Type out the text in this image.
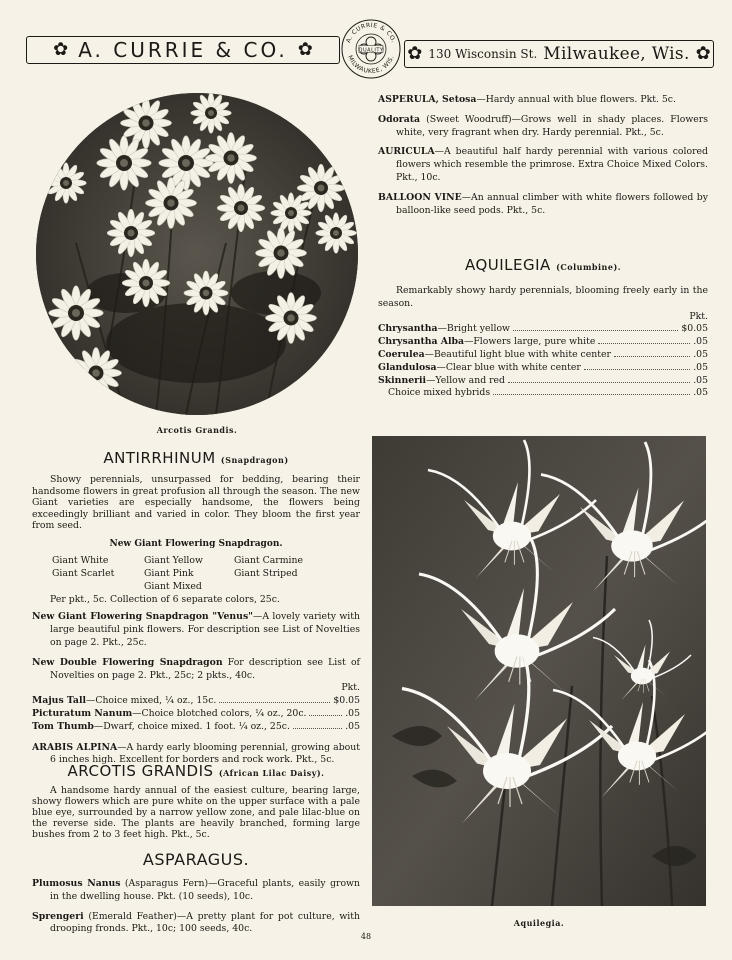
✿ A. CURRIE & CO. ✿	A. CURRIE & CO.
MILWAUKEE, WIS.
QUALITY ✿ 130 Wisconsin St. Milwaukee, Wis. ✿
Arcotis Grandis.

ASPERULA, Setosa—Hardy annual with blue flowers. Pkt. 5c.

Odorata (Sweet Woodruff)—Grows well in shady places. Flowers white, very fragrant when dry. Hardy perennial. Pkt., 5c.

AURICULA—A beautiful half hardy perennial with various colored flowers which resemble the primrose. Extra Choice Mixed Colors. Pkt., 10c.

BALLOON VINE—An annual climber with white flowers followed by balloon-like seed pods. Pkt., 5c.

AQUILEGIA (Columbine).

Remarkably showy hardy perennials, blooming freely early in the season.

Pkt.
Chrysantha—Bright yellow	$0.05
Chrysantha Alba—Flowers large, pure white	.05
Coerulea—Beautiful light blue with white center	.05
Glandulosa—Clear blue with white center	.05
Skinnerii—Yellow and red	.05
Choice mixed hybrids	.05
Aquilegia.
ANTIRRHINUM (Snapdragon)

Showy perennials, unsurpassed for bedding, bearing their handsome flowers in great profusion all through the season. The new Giant varieties are especially handsome, the flowers being exceedingly brilliant and varied in color. They bloom the first year from seed.

New Giant Flowering Snapdragon.
Giant White	Giant Yellow	Giant Carmine
Giant Scarlet	Giant Pink	Giant Striped
Giant Mixed

Per pkt., 5c. Collection of 6 separate colors, 25c.

New Giant Flowering Snapdragon "Venus"—A lovely variety with large beautiful pink flowers. For description see List of Novelties on page 2. Pkt., 25c.

New Double Flowering Snapdragon For description see List of Novelties on page 2. Pkt., 25c; 2 pkts., 40c.

Pkt.
Majus Tall—Choice mixed, ¼ oz., 15c.	$0.05
Picturatum Nanum—Choice blotched colors, ¼ oz., 20c.	.05
Tom Thumb—Dwarf, choice mixed. 1 foot. ¼ oz., 25c.	.05

ARABIS ALPINA—A hardy early blooming perennial, growing about 6 inches high. Excellent for borders and rock work. Pkt., 5c.

ARCOTIS GRANDIS (African Lilac Daisy).

A handsome hardy annual of the easiest culture, bearing large, showy flowers which are pure white on the upper surface with a pale blue eye, surrounded by a narrow yellow zone, and pale lilac-blue on the reverse side. The plants are heavily branched, forming large bushes from 2 to 3 feet high. Pkt., 5c.

ASPARAGUS.

Plumosus Nanus (Asparagus Fern)—Graceful plants, easily grown in the dwelling house. Pkt. (10 seeds), 10c.

Sprengeri (Emerald Feather)—A pretty plant for pot culture, with drooping fronds. Pkt., 10c; 100 seeds, 40c.

48
